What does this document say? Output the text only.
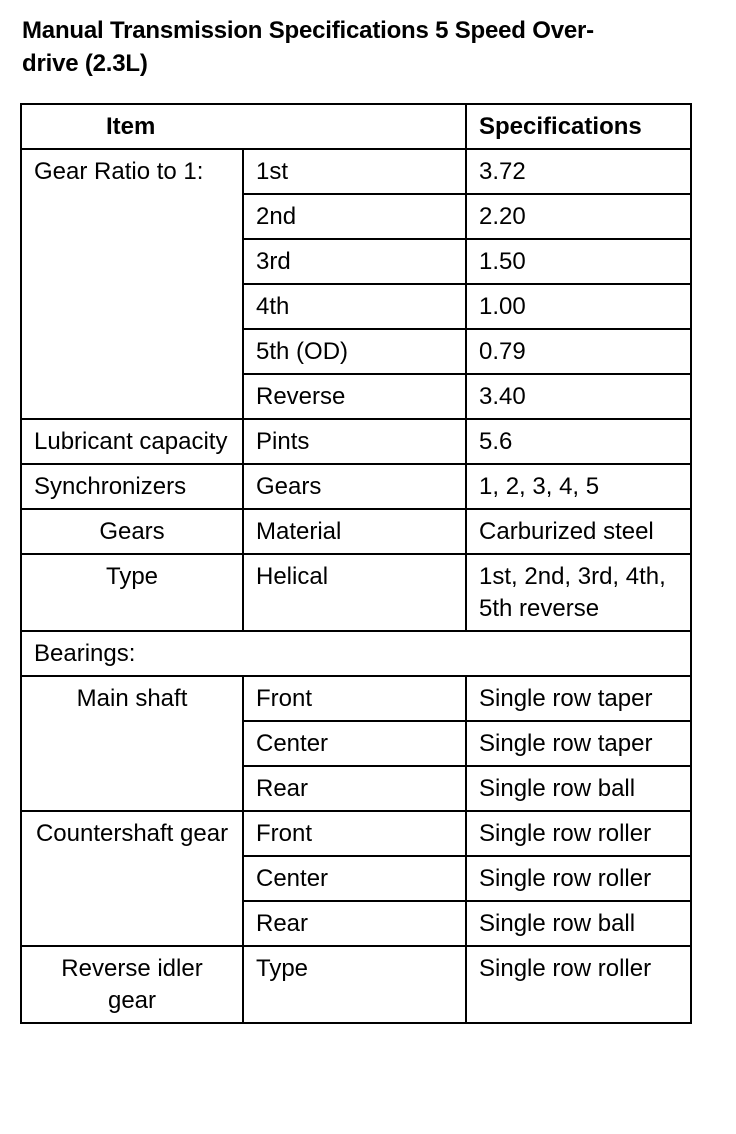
Manual Transmission Specifications 5 Speed Over-
drive (2.3L)
Item		Specifications
Gear Ratio to 1:	1st	3.72
	2nd	2.20
	3rd	1.50
	4th	1.00
	5th (OD)	0.79
	Reverse	3.40
Lubricant capacity	Pints	5.6
Synchronizers	Gears	1, 2, 3, 4, 5
Gears	Material	Carburized steel
Type	Helical	1st, 2nd, 3rd, 4th, 5th reverse
Bearings:		
Main shaft	Front	Single row taper
	Center	Single row taper
	Rear	Single row ball
Countershaft gear	Front	Single row roller
	Center	Single row roller
	Rear	Single row ball
Reverse idler gear	Type	Single row roller
